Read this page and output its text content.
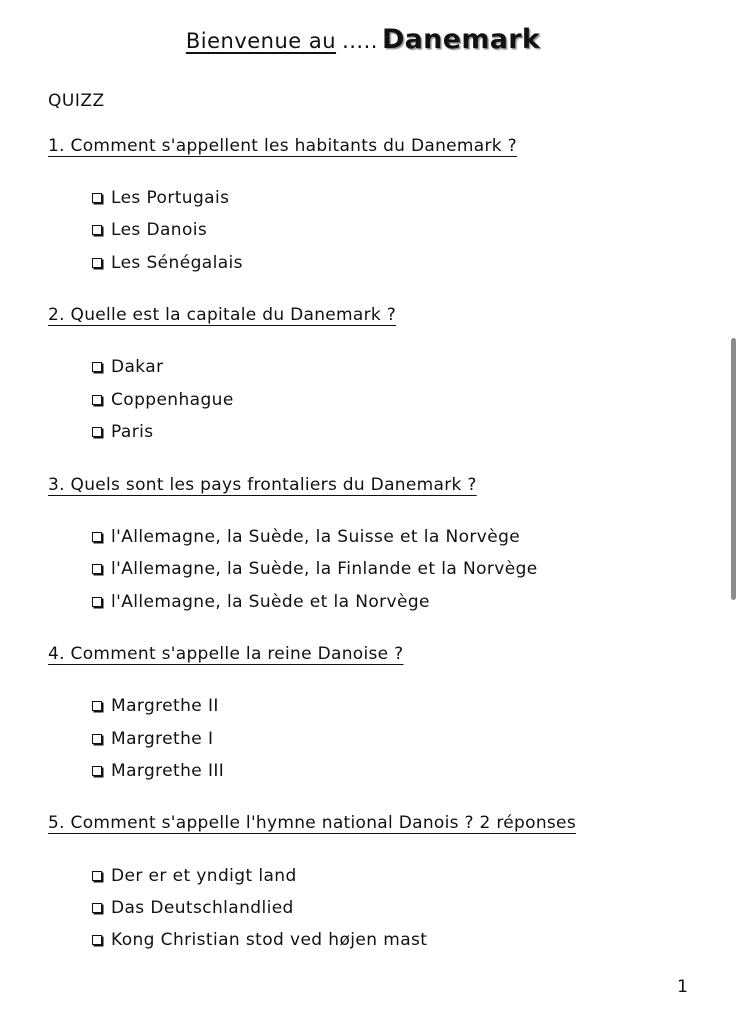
Bienvenue au ..... Danemark
QUIZZ
1. Comment s'appellent les habitants du Danemark ?
Les Portugais
Les Danois
Les Sénégalais
2. Quelle est la capitale du Danemark ?
Dakar
Coppenhague
Paris
3. Quels sont les pays frontaliers du Danemark ?
l'Allemagne, la Suède, la Suisse et la Norvège
l'Allemagne, la Suède, la Finlande et la Norvège
l'Allemagne, la Suède et la Norvège
4. Comment s'appelle la reine Danoise ?
Margrethe II
Margrethe I
Margrethe III
5. Comment s'appelle l'hymne national Danois ? 2 réponses
Der er et yndigt land
Das Deutschlandlied
Kong Christian stod ved højen mast
1
